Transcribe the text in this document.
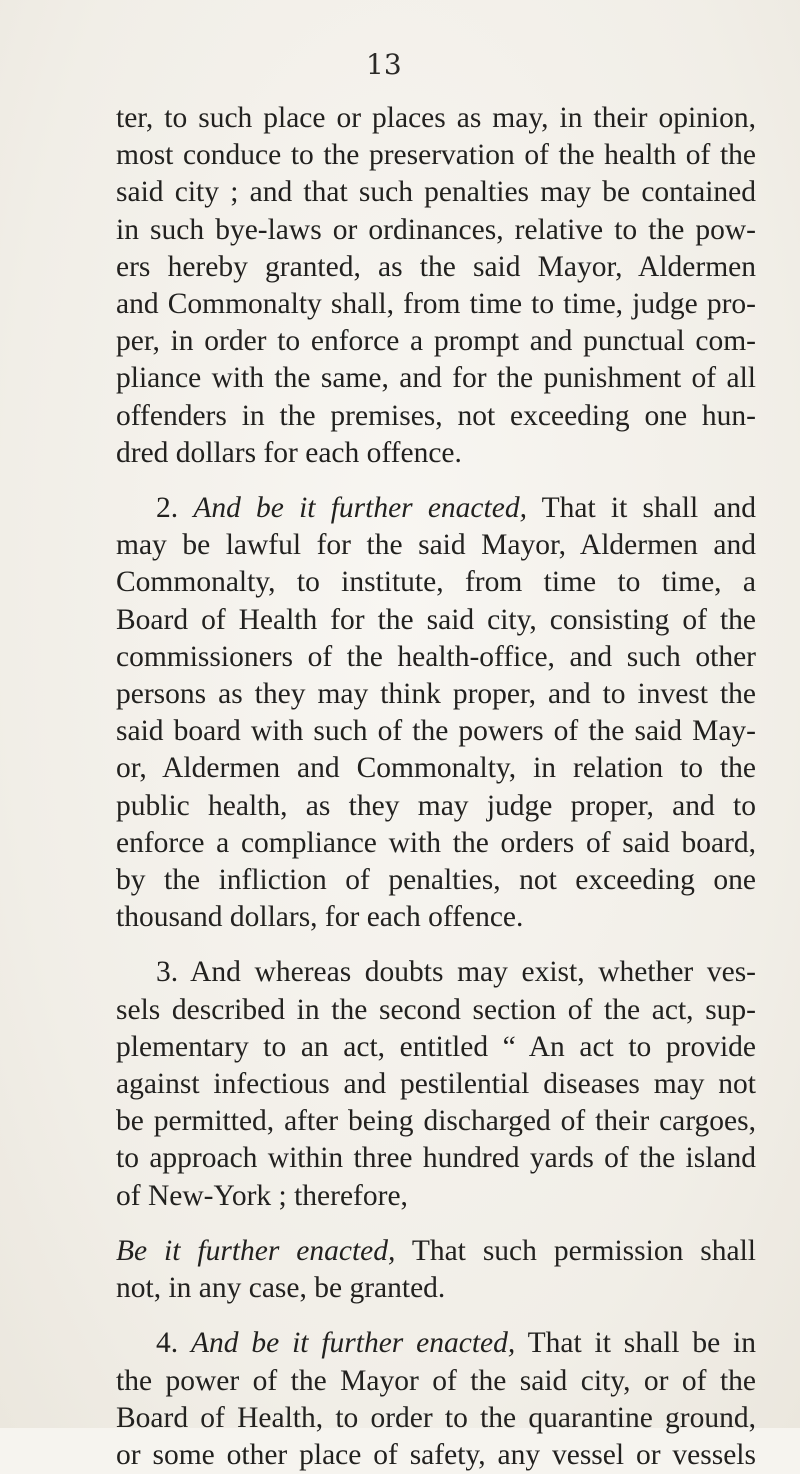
13

ter, to such place or places as may, in their opinion,
most conduce to the preservation of the health of the
said city ; and that such penalties may be contained
in such bye-laws or ordinances, relative to the pow-
ers hereby granted, as the said Mayor, Aldermen
and Commonalty shall, from time to time, judge pro-
per, in order to enforce a prompt and punctual com-
pliance with the same, and for the punishment of all
offenders in the premises, not exceeding one hun-
dred dollars for each offence.

2. And be it further enacted, That it shall and
may be lawful for the said Mayor, Aldermen and
Commonalty, to institute, from time to time, a
Board of Health for the said city, consisting of the
commissioners of the health-office, and such other
persons as they may think proper, and to invest the
said board with such of the powers of the said May-
or, Aldermen and Commonalty, in relation to the
public health, as they may judge proper, and to
enforce a compliance with the orders of said board,
by the infliction of penalties, not exceeding one
thousand dollars, for each offence.

3. And whereas doubts may exist, whether ves-
sels described in the second section of the act, sup-
plementary to an act, entitled “ An act to provide
against infectious and pestilential diseases may not
be permitted, after being discharged of their cargoes,
to approach within three hundred yards of the island
of New-York ; therefore,

Be it further enacted, That such permission shall
not, in any case, be granted.

4. And be it further enacted, That it shall be in
the power of the Mayor of the said city, or of the
Board of Health, to order to the quarantine ground,
or some other place of safety, any vessel or vessels
